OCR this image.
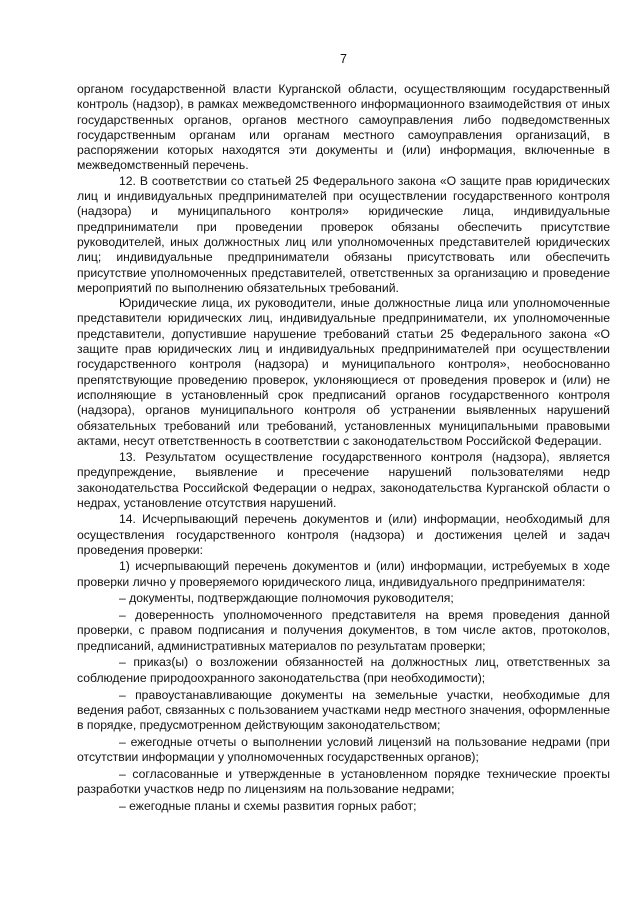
7

органом государственной власти Курганской области, осуществляющим государственный контроль (надзор), в рамках межведомственного информационного взаимодействия от иных государственных органов, органов местного самоуправления либо подведомственных государственным органам или органам местного самоуправления организаций, в распоряжении которых находятся эти документы и (или) информация, включенные в межведомственный перечень.

12. В соответствии со статьей 25 Федерального закона «О защите прав юридических лиц и индивидуальных предпринимателей при осуществлении государственного контроля (надзора) и муниципального контроля» юридические лица, индивидуальные предприниматели при проведении проверок обязаны обеспечить присутствие руководителей, иных должностных лиц или уполномоченных представителей юридических лиц; индивидуальные предприниматели обязаны присутствовать или обеспечить присутствие уполномоченных представителей, ответственных за организацию и проведение мероприятий по выполнению обязательных требований.

Юридические лица, их руководители, иные должностные лица или уполномоченные представители юридических лиц, индивидуальные предприниматели, их уполномоченные представители, допустившие нарушение требований статьи 25 Федерального закона «О защите прав юридических лиц и индивидуальных предпринимателей при осуществлении государственного контроля (надзора) и муниципального контроля», необоснованно препятствующие проведению проверок, уклоняющиеся от проведения проверок и (или) не исполняющие в установленный срок предписаний органов государственного контроля (надзора), органов муниципального контроля об устранении выявленных нарушений обязательных требований или требований, установленных муниципальными правовыми актами, несут ответственность в соответствии с законодательством Российской Федерации.

13. Результатом осуществление государственного контроля (надзора), является предупреждение, выявление и пресечение нарушений пользователями недр законодательства Российской Федерации о недрах, законодательства Курганской области о недрах, установление отсутствия нарушений.

14. Исчерпывающий перечень документов и (или) информации, необходимый для осуществления государственного контроля (надзора) и достижения целей и задач проведения проверки:

1) исчерпывающий перечень документов и (или) информации, истребуемых в ходе проверки лично у проверяемого юридического лица, индивидуального предпринимателя:

– документы, подтверждающие полномочия руководителя;

– доверенность уполномоченного представителя на время проведения данной проверки, с правом подписания и получения документов, в том числе актов, протоколов, предписаний, административных материалов по результатам проверки;

– приказ(ы) о возложении обязанностей на должностных лиц, ответственных за соблюдение природоохранного законодательства (при необходимости);

– правоустанавливающие документы на земельные участки, необходимые для ведения работ, связанных с пользованием участками недр местного значения, оформленные в порядке, предусмотренном действующим законодательством;

– ежегодные отчеты о выполнении условий лицензий на пользование недрами (при отсутствии информации у уполномоченных государственных органов);

– согласованные и утвержденные в установленном порядке технические проекты разработки участков недр по лицензиям на пользование недрами;

– ежегодные планы и схемы развития горных работ;
